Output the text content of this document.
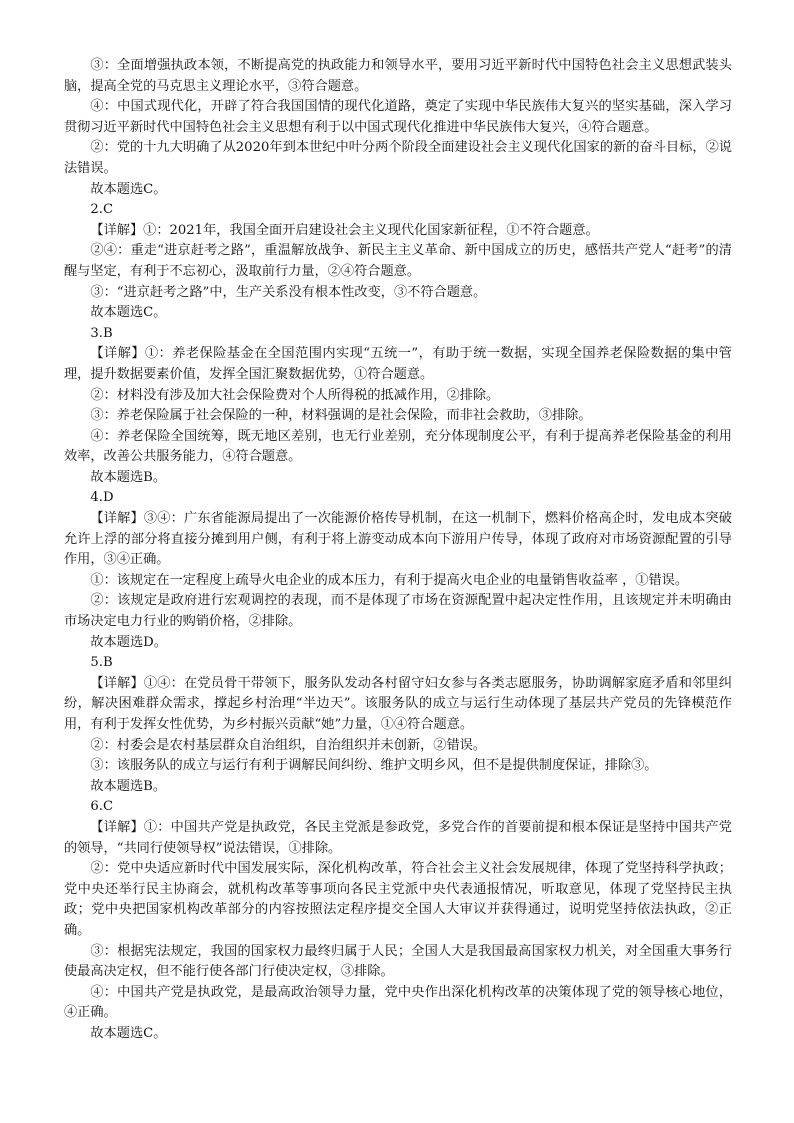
③：全面增强执政本领，不断提高党的执政能力和领导水平，要用习近平新时代中国特色社会主义思想武装头脑，提高全党的马克思主义理论水平，③符合题意。

④：中国式现代化，开辟了符合我国国情的现代化道路，奠定了实现中华民族伟大复兴的坚实基础，深入学习贯彻习近平新时代中国特色社会主义思想有利于以中国式现代化推进中华民族伟大复兴，④符合题意。

②：党的十九大明确了从2020年到本世纪中叶分两个阶段全面建设社会主义现代化国家的新的奋斗目标，②说法错误。

故本题选C。

2.C

【详解】①：2021年，我国全面开启建设社会主义现代化国家新征程，①不符合题意。

②④：重走“进京赶考之路”，重温解放战争、新民主主义革命、新中国成立的历史，感悟共产党人“赶考”的清醒与坚定，有利于不忘初心，汲取前行力量，②④符合题意。

③：“进京赶考之路”中，生产关系没有根本性改变，③不符合题意。

故本题选C。

3.B

【详解】①：养老保险基金在全国范围内实现“五统一”，有助于统一数据，实现全国养老保险数据的集中管理，提升数据要素价值，发挥全国汇聚数据优势，①符合题意。

②：材料没有涉及加大社会保险费对个人所得税的抵减作用，②排除。

③：养老保险属于社会保险的一种，材料强调的是社会保险，而非社会救助，③排除。

④：养老保险全国统筹，既无地区差别，也无行业差别，充分体现制度公平，有利于提高养老保险基金的利用效率，改善公共服务能力，④符合题意。

故本题选B。

4.D

【详解】③④：广东省能源局提出了一次能源价格传导机制，在这一机制下，燃料价格高企时，发电成本突破允许上浮的部分将直接分摊到用户侧，有利于将上游变动成本向下游用户传导，体现了政府对市场资源配置的引导作用，③④正确。

①：该规定在一定程度上疏导火电企业的成本压力，有利于提高火电企业的电量销售收益率 ，①错误。

②：该规定是政府进行宏观调控的表现，而不是体现了市场在资源配置中起决定性作用，且该规定并未明确由市场决定电力行业的购销价格，②排除。

故本题选D。

5.B

【详解】①④：在党员骨干带领下，服务队发动各村留守妇女参与各类志愿服务，协助调解家庭矛盾和邻里纠纷，解决困难群众需求，撑起乡村治理“半边天”。该服务队的成立与运行生动体现了基层共产党员的先锋模范作用，有利于发挥女性优势，为乡村振兴贡献“她”力量，①④符合题意。

②：村委会是农村基层群众自治组织，自治组织并未创新，②错误。

③：该服务队的成立与运行有利于调解民间纠纷、维护文明乡风，但不是提供制度保证，排除③。

故本题选B。

6.C

【详解】①：中国共产党是执政党，各民主党派是参政党，多党合作的首要前提和根本保证是坚持中国共产党的领导，“共同行使领导权”说法错误，①排除。

②：党中央适应新时代中国发展实际，深化机构改革，符合社会主义社会发展规律，体现了党坚持科学执政；党中央还举行民主协商会，就机构改革等事项向各民主党派中央代表通报情况，听取意见，体现了党坚持民主执政；党中央把国家机构改革部分的内容按照法定程序提交全国人大审议并获得通过，说明党坚持依法执政，②正确。

③：根据宪法规定，我国的国家权力最终归属于人民；全国人大是我国最高国家权力机关，对全国重大事务行使最高决定权，但不能行使各部门行使决定权，③排除。

④：中国共产党是执政党，是最高政治领导力量，党中央作出深化机构改革的决策体现了党的领导核心地位，④正确。

故本题选C。
